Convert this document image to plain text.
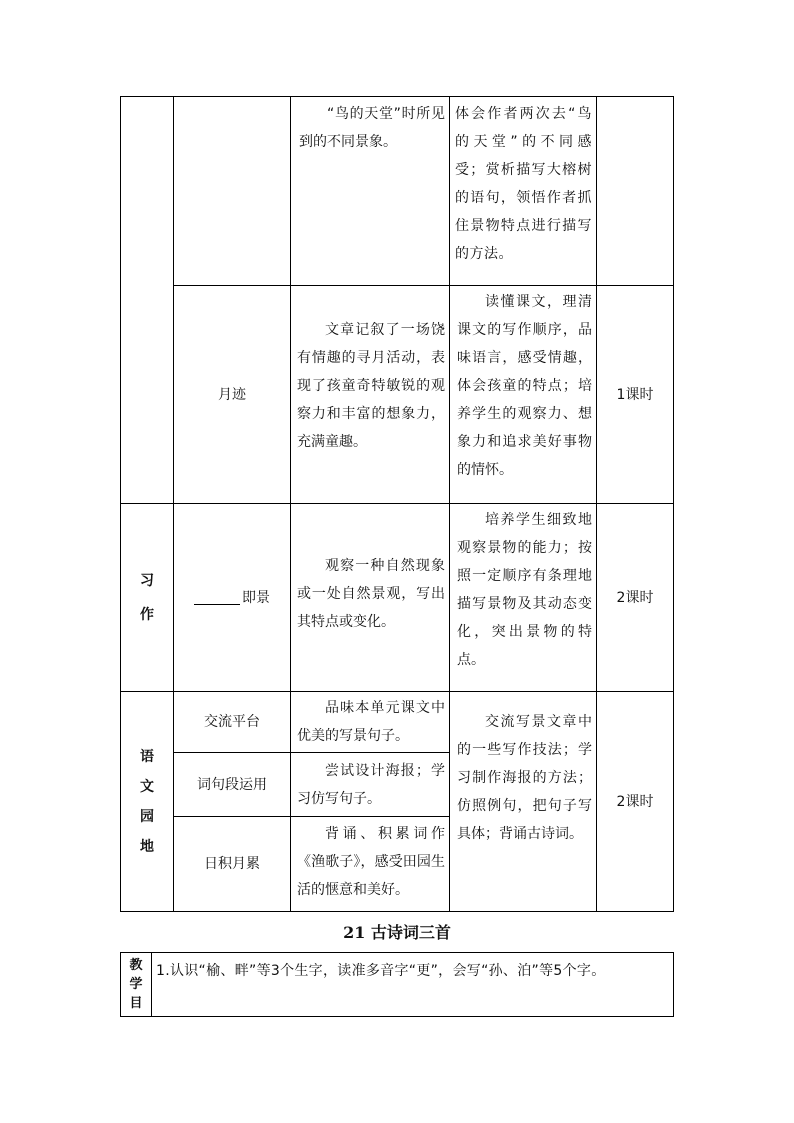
“鸟的天堂”时所见到的不同景象。
体会作者两次去“鸟的天堂”的不同感受；赏析描写大榕树的语句，领悟作者抓住景物特点进行描写的方法。
月迹
文章记叙了一场饶有情趣的寻月活动，表现了孩童奇特敏锐的观察力和丰富的想象力，充满童趣。
读懂课文，理清课文的写作顺序，品味语言，感受情趣，体会孩童的特点；培养学生的观察力、想象力和追求美好事物的情怀。
1课时
习
作
即景
观察一种自然现象或一处自然景观，写出其特点或变化。
培养学生细致地观察景物的能力；按照一定顺序有条理地描写景物及其动态变化，突出景物的特点。
2课时
语
文
园
地
交流平台
品味本单元课文中优美的写景句子。
词句段运用
尝试设计海报；学习仿写句子。
日积月累
背诵、积累词作《渔歌子》，感受田园生活的惬意和美好。
交流写景文章中的一些写作技法；学习制作海报的方法；仿照例句，把句子写具体；背诵古诗词。
2课时
21 古诗词三首
教
学
目
1.认识“榆、畔”等3个生字，读准多音字“更”，会写“孙、泊”等5个字。
